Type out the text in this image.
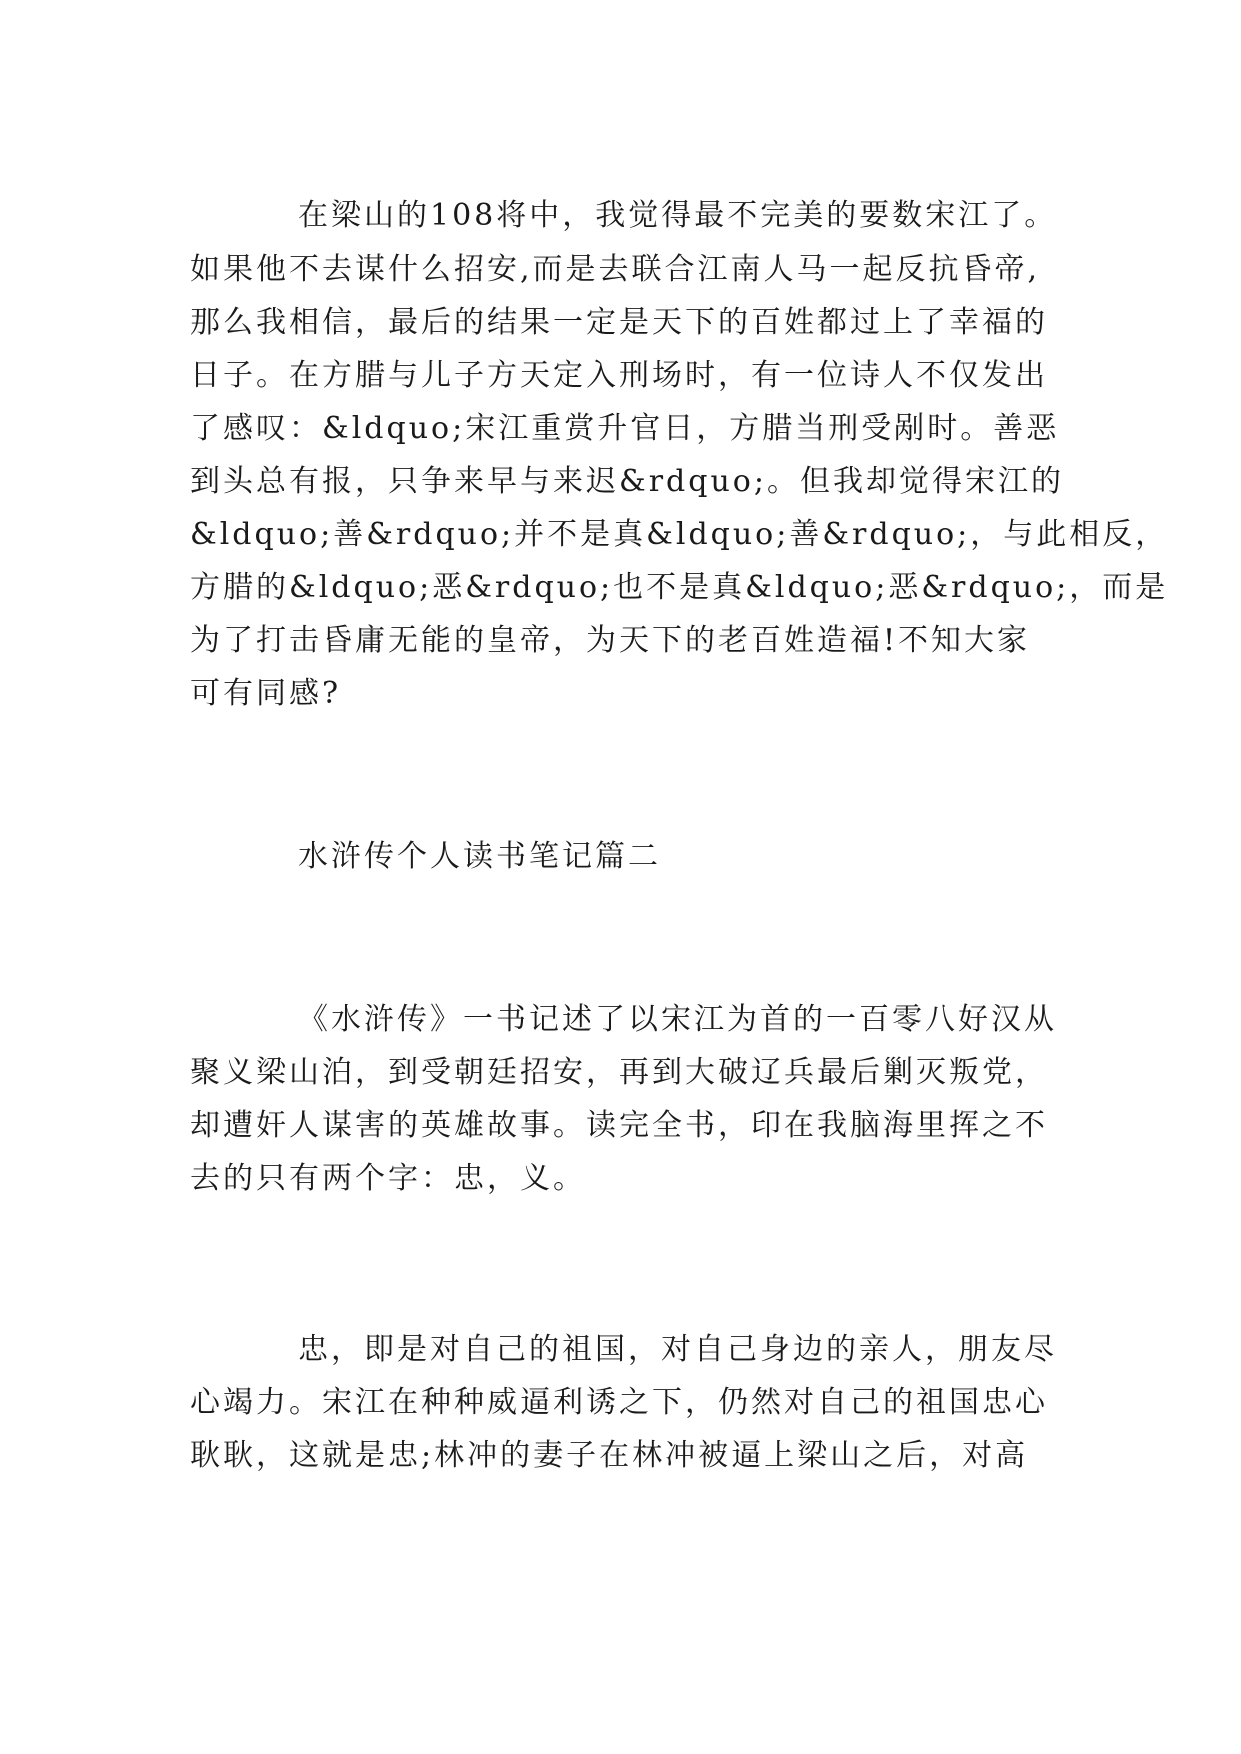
在梁山的108将中，我觉得最不完美的要数宋江了。
如果他不去谋什么招安,而是去联合江南人马一起反抗昏帝,
那么我相信，最后的结果一定是天下的百姓都过上了幸福的
日子。在方腊与儿子方天定入刑场时，有一位诗人不仅发出
了感叹：&ldquo;宋江重赏升官日，方腊当刑受剐时。善恶
到头总有报，只争来早与来迟&rdquo;。但我却觉得宋江的
&ldquo;善&rdquo;并不是真&ldquo;善&rdquo;，与此相反，
方腊的&ldquo;恶&rdquo;也不是真&ldquo;恶&rdquo;，而是
为了打击昏庸无能的皇帝，为天下的老百姓造福!不知大家
可有同感?
水浒传个人读书笔记篇二
《水浒传》一书记述了以宋江为首的一百零八好汉从
聚义梁山泊，到受朝廷招安，再到大破辽兵最后剿灭叛党，
却遭奸人谋害的英雄故事。读完全书，印在我脑海里挥之不
去的只有两个字：忠，义。
忠，即是对自己的祖国，对自己身边的亲人，朋友尽
心竭力。宋江在种种威逼利诱之下，仍然对自己的祖国忠心
耿耿，这就是忠;林冲的妻子在林冲被逼上梁山之后，对高
